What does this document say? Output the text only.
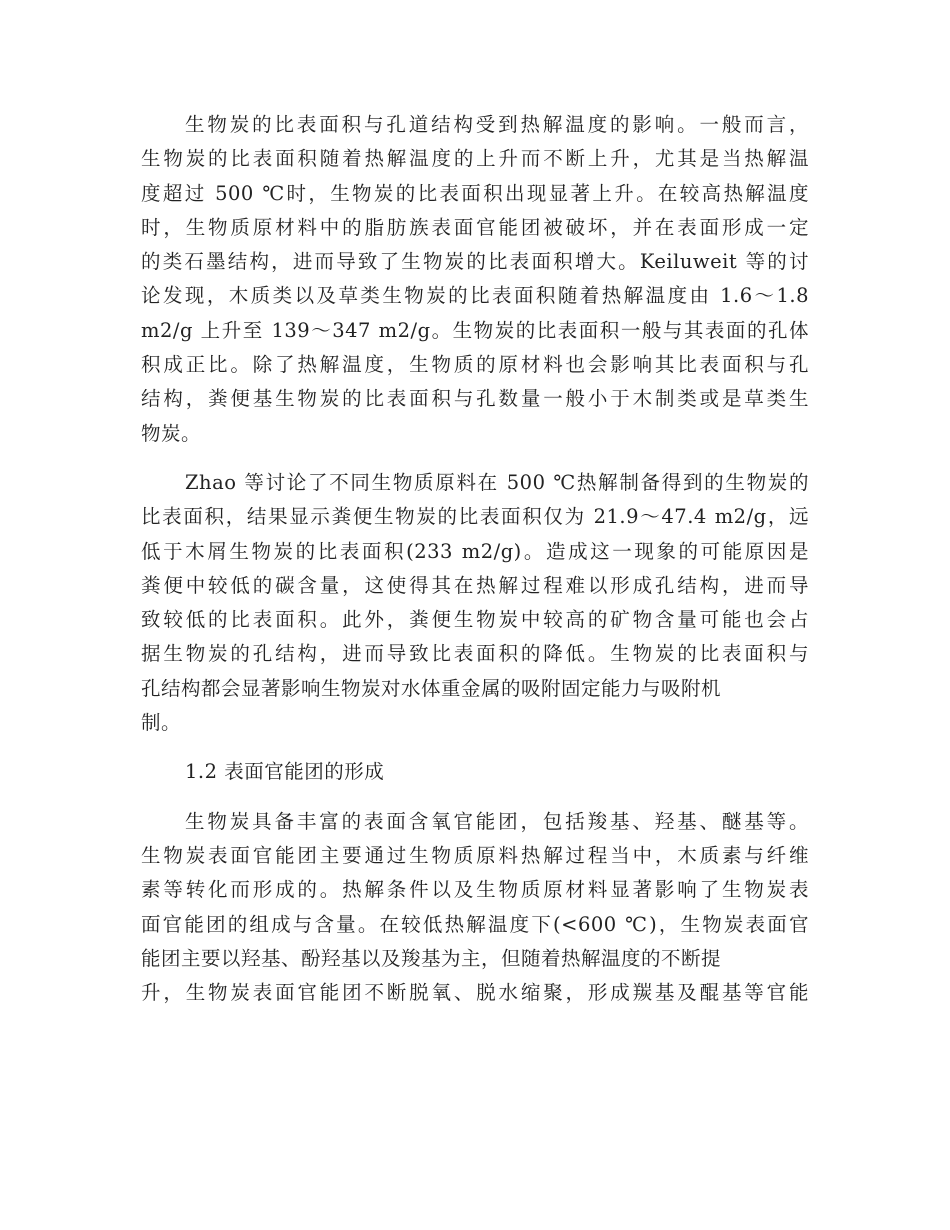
生物炭的比表面积与孔道结构受到热解温度的影响。一般而言，
生物炭的比表面积随着热解温度的上升而不断上升，尤其是当热解温
度超过 500 ℃时，生物炭的比表面积出现显著上升。在较高热解温度
时，生物质原材料中的脂肪族表面官能团被破坏，并在表面形成一定
的类石墨结构，进而导致了生物炭的比表面积增大。Keiluweit 等的讨
论发现，木质类以及草类生物炭的比表面积随着热解温度由 1.6～1.8
m2/g 上升至 139～347 m2/g。生物炭的比表面积一般与其表面的孔体
积成正比。除了热解温度，生物质的原材料也会影响其比表面积与孔
结构，粪便基生物炭的比表面积与孔数量一般小于木制类或是草类生
物炭。
Zhao 等讨论了不同生物质原料在 500 ℃热解制备得到的生物炭的
比表面积，结果显示粪便生物炭的比表面积仅为 21.9～47.4 m2/g，远
低于木屑生物炭的比表面积(233 m2/g)。造成这一现象的可能原因是
粪便中较低的碳含量，这使得其在热解过程难以形成孔结构，进而导
致较低的比表面积。此外，粪便生物炭中较高的矿物含量可能也会占
据生物炭的孔结构，进而导致比表面积的降低。生物炭的比表面积与
孔结构都会显著影响生物炭对水体重金属的吸附固定能力与吸附机
制。
1.2 表面官能团的形成
生物炭具备丰富的表面含氧官能团，包括羧基、羟基、醚基等。
生物炭表面官能团主要通过生物质原料热解过程当中，木质素与纤维
素等转化而形成的。热解条件以及生物质原材料显著影响了生物炭表
面官能团的组成与含量。在较低热解温度下(<600 ℃)，生物炭表面官
能团主要以羟基、酚羟基以及羧基为主，但随着热解温度的不断提
升，生物炭表面官能团不断脱氧、脱水缩聚，形成羰基及醌基等官能
